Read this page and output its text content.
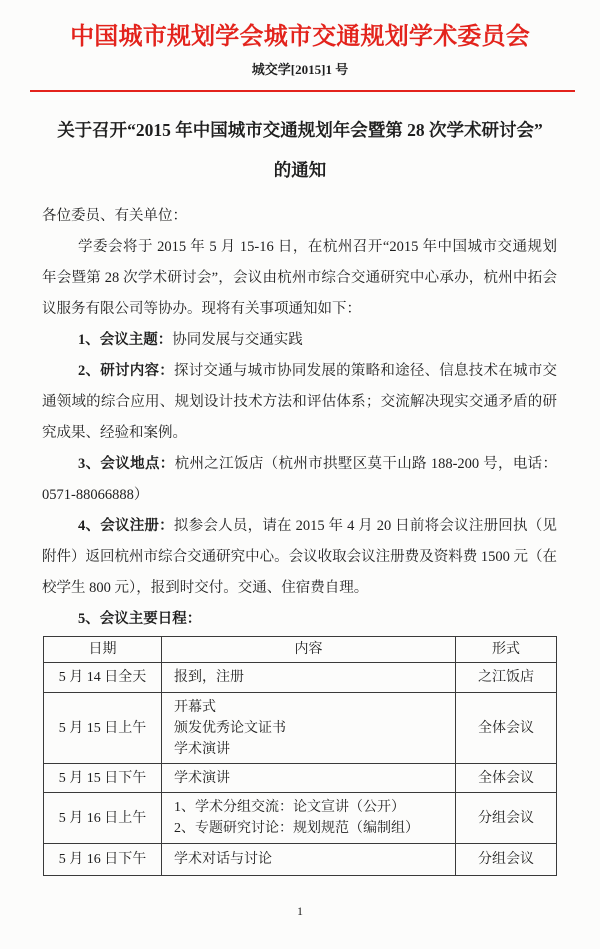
中国城市规划学会城市交通规划学术委员会
城交学[2015]1 号
关于召开“2015 年中国城市交通规划年会暨第 28 次学术研讨会”
的通知
各位委员、有关单位：
学委会将于 2015 年 5 月 15-16 日，在杭州召开“2015 年中国城市交通规划
年会暨第 28 次学术研讨会”，会议由杭州市综合交通研究中心承办，杭州中拓会
议服务有限公司等协办。现将有关事项通知如下：
1、会议主题：协同发展与交通实践
2、研讨内容：探讨交通与城市协同发展的策略和途径、信息技术在城市交
通领域的综合应用、规划设计技术方法和评估体系；交流解决现实交通矛盾的研
究成果、经验和案例。
3、会议地点：杭州之江饭店（杭州市拱墅区莫干山路 188-200 号，电话：
0571-88066888）
4、会议注册：拟参会人员，请在 2015 年 4 月 20 日前将会议注册回执（见
附件）返回杭州市综合交通研究中心。会议收取会议注册费及资料费 1500 元（在
校学生 800 元），报到时交付。交通、住宿费自理。
5、会议主要日程：
日期	内容	形式
5 月 14 日全天	报到，注册	之江饭店
5 月 15 日上午	开幕式
颁发优秀论文证书
学术演讲	全体会议
5 月 15 日下午	学术演讲	全体会议
5 月 16 日上午	1、学术分组交流：论文宣讲（公开）
2、专题研究讨论：规划规范（编制组）	分组会议
5 月 16 日下午	学术对话与讨论	分组会议
1
